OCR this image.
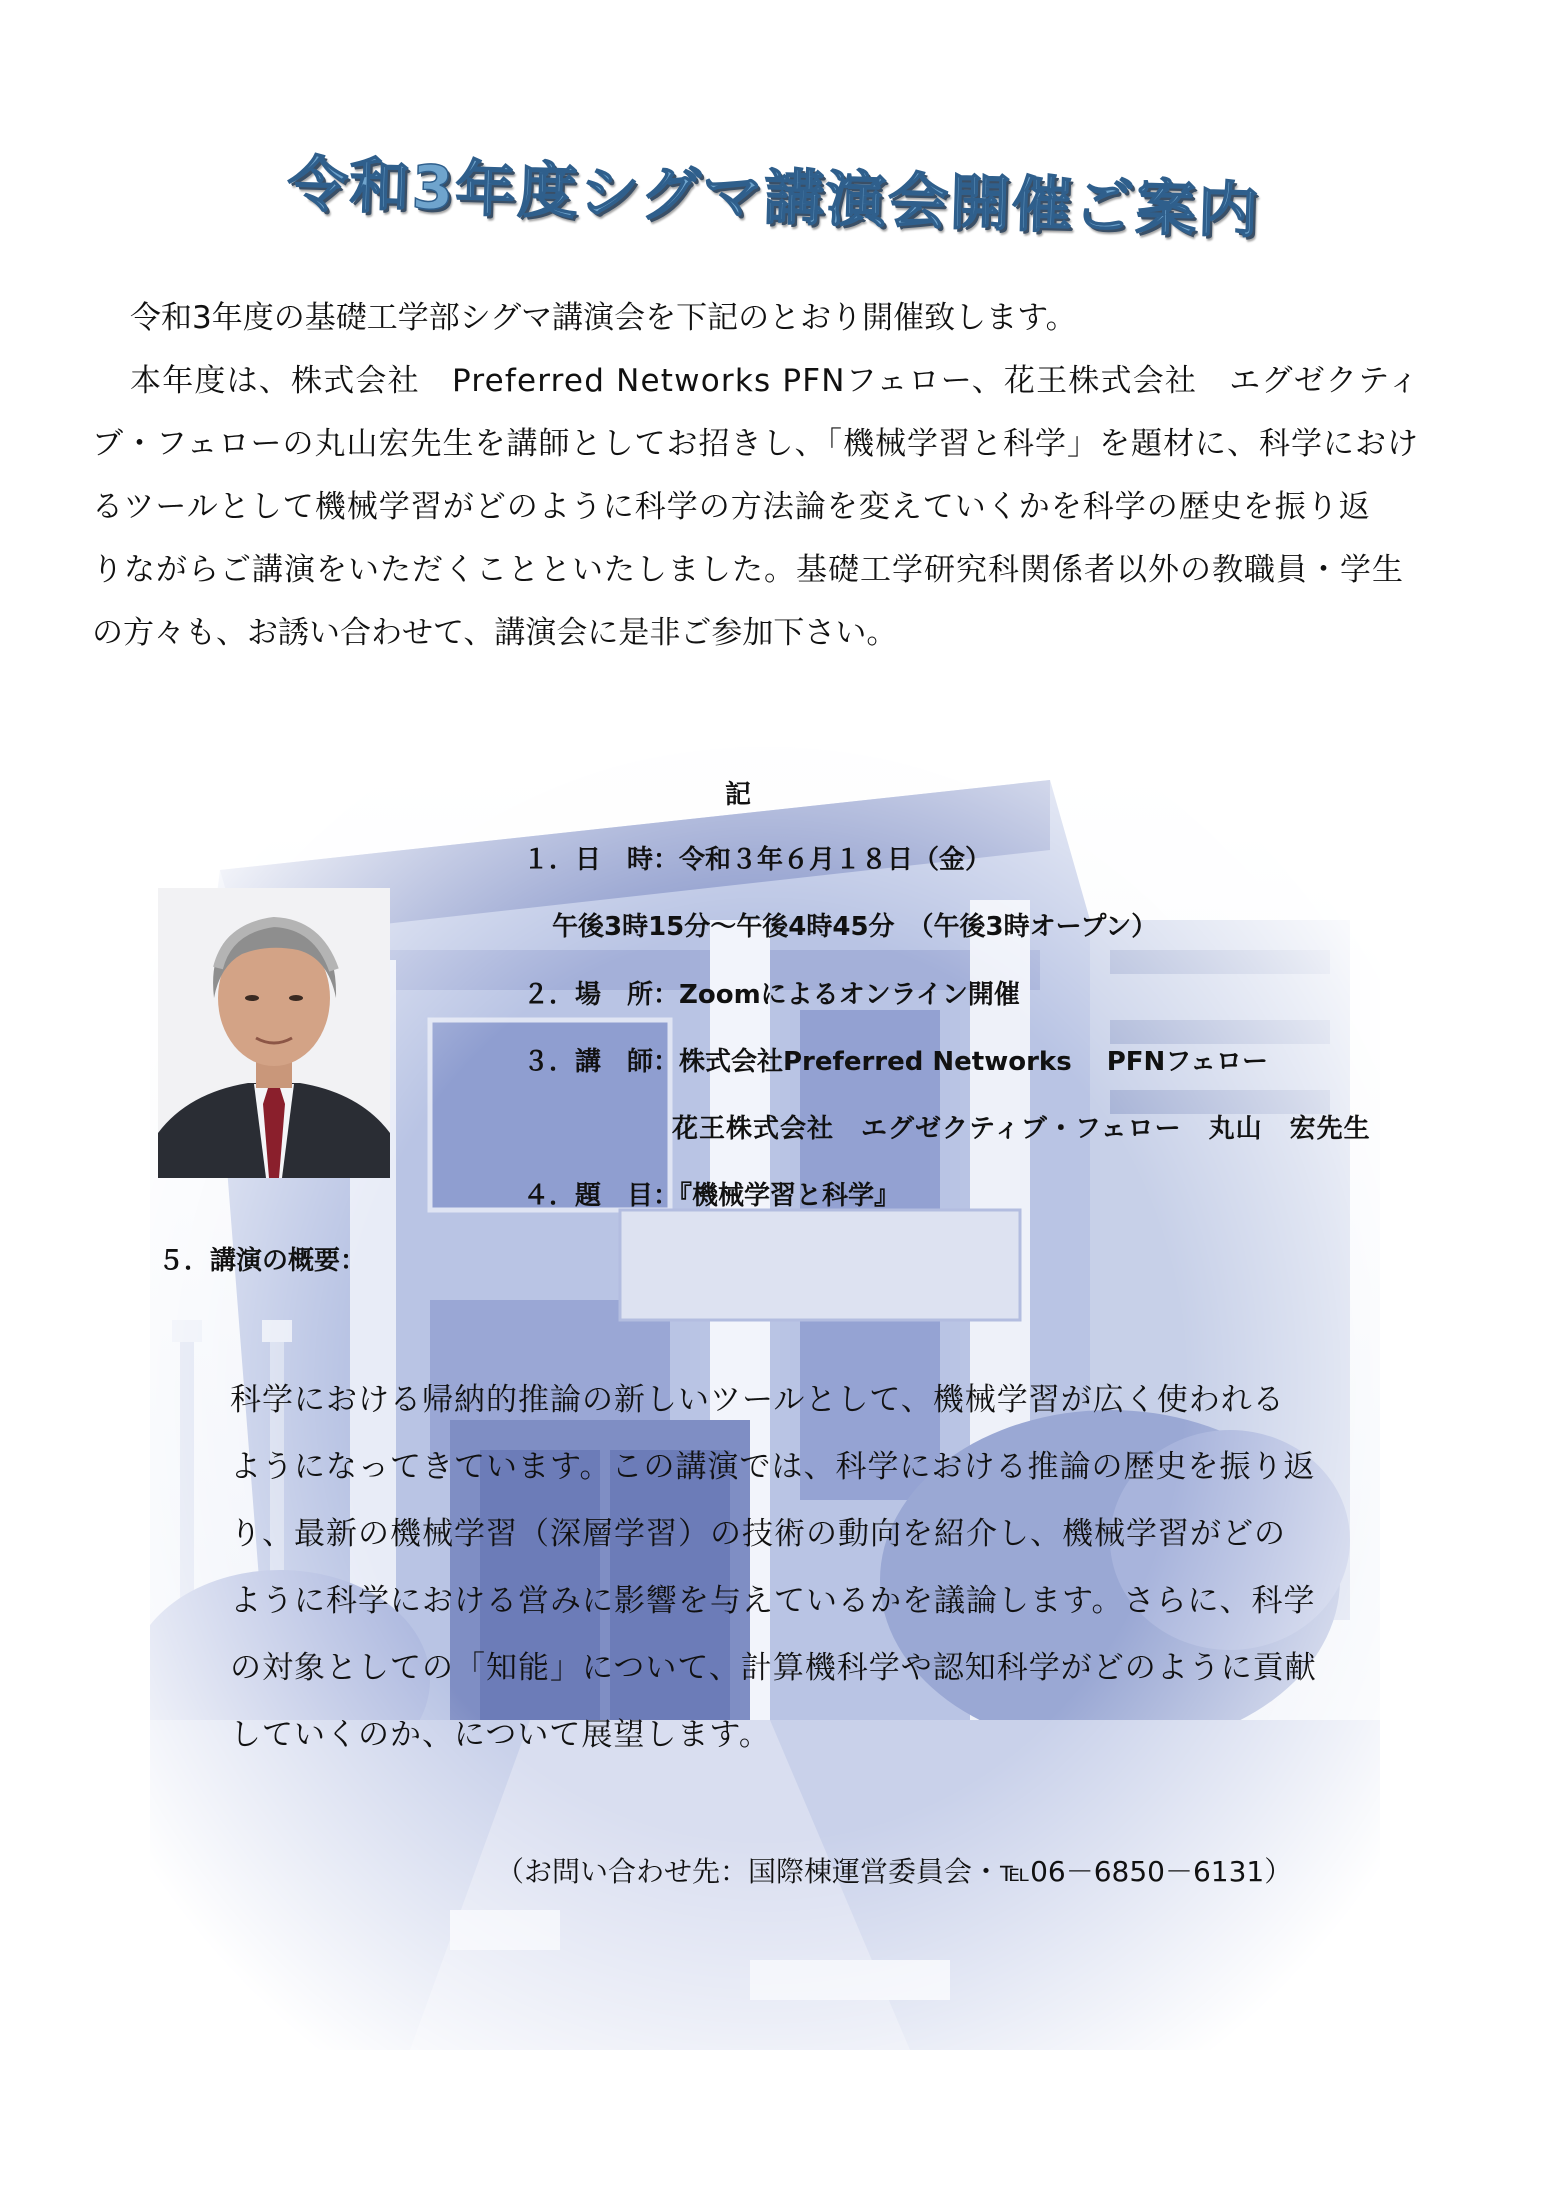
令和3年度シグマ講演会開催ご案内
令和3年度の基礎工学部シグマ講演会を下記のとおり開催致します。
本年度は、株式会社　Preferred Networks PFNフェロー、花王株式会社　エグゼクティ
ブ・フェローの丸山宏先生を講師としてお招きし、「機械学習と科学」を題材に、科学におけ
るツールとして機械学習がどのように科学の方法論を変えていくかを科学の歴史を振り返
りながらご講演をいただくことといたしました。基礎工学研究科関係者以外の教職員・学生
の方々も、お誘い合わせて、講演会に是非ご参加下さい。
記
１．日　時：令和３年６月１８日（金）
午後3時15分～午後4時45分　（午後3時オープン）
２．場　所：Zoomによるオンライン開催
３．講　師：株式会社Preferred Networks　 PFNフェロー
花王株式会社　エグゼクティブ・フェロー　丸山　宏先生
４．題　目：『機械学習と科学』
５．講演の概要：
科学における帰納的推論の新しいツールとして、機械学習が広く使われる
ようになってきています。この講演では、科学における推論の歴史を振り返
り、最新の機械学習（深層学習）の技術の動向を紹介し、機械学習がどの
ように科学における営みに影響を与えているかを議論します。さらに、科学
の対象としての「知能」について、計算機科学や認知科学がどのように貢献
していくのか、について展望します。
（お問い合わせ先：国際棟運営委員会・℡06－6850－6131）
